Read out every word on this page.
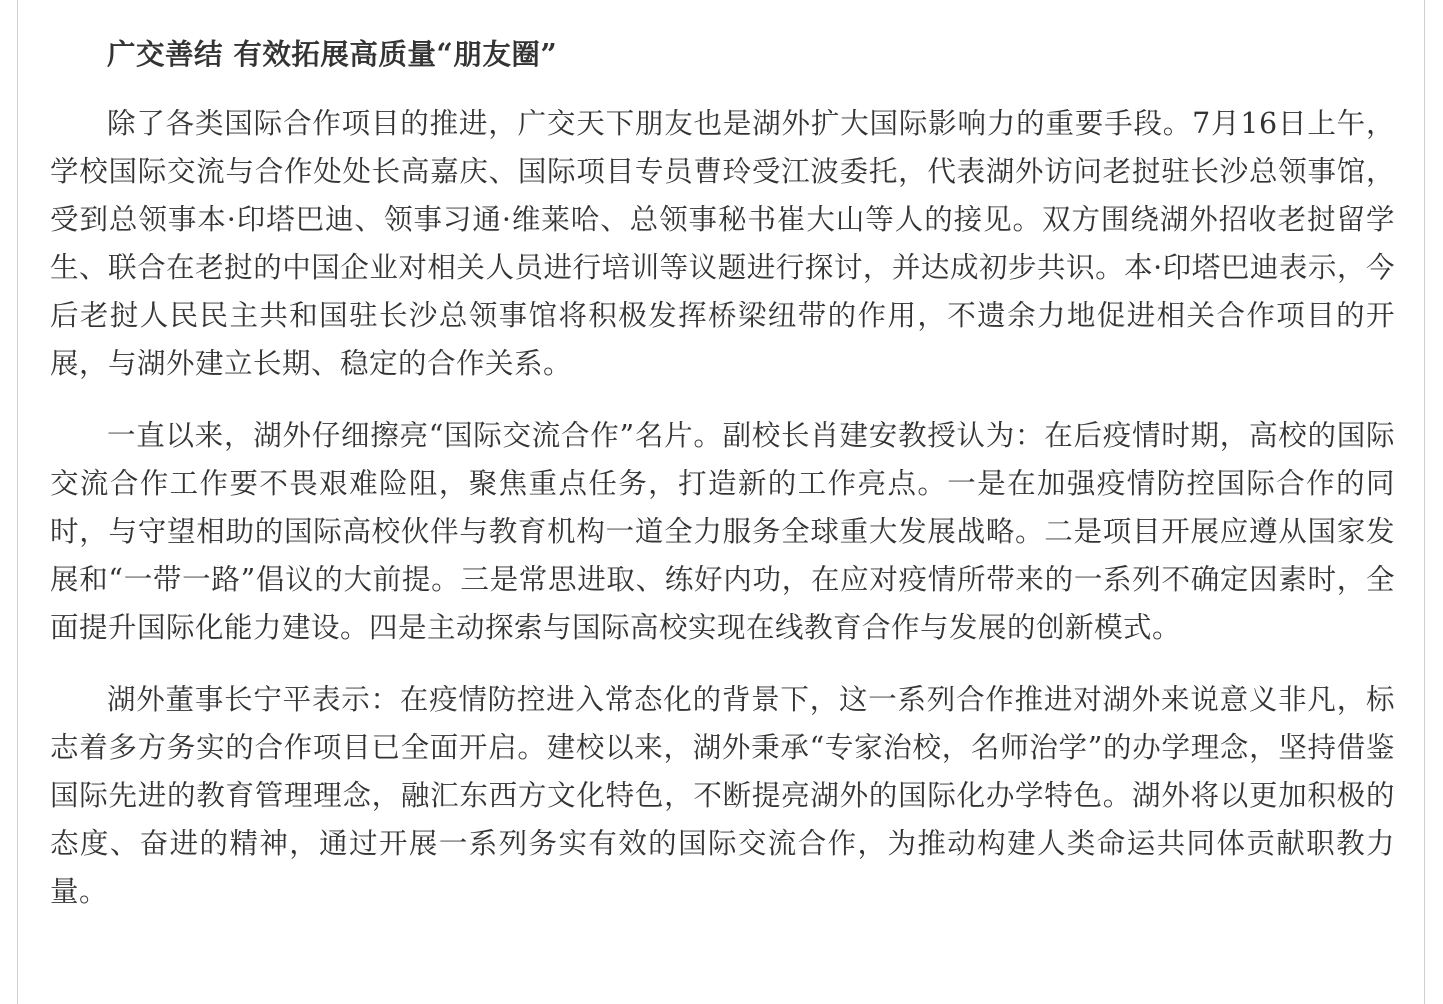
广交善结 有效拓展高质量“朋友圈”

除了各类国际合作项目的推进，广交天下朋友也是湖外扩大国际影响力的重要手段。7月16日上午，学校国际交流与合作处处长高嘉庆、国际项目专员曹玲受江波委托，代表湖外访问老挝驻长沙总领事馆，受到总领事本·印塔巴迪、领事习通·维莱哈、总领事秘书崔大山等人的接见。双方围绕湖外招收老挝留学生、联合在老挝的中国企业对相关人员进行培训等议题进行探讨，并达成初步共识。本·印塔巴迪表示，今后老挝人民民主共和国驻长沙总领事馆将积极发挥桥梁纽带的作用，不遗余力地促进相关合作项目的开展，与湖外建立长期、稳定的合作关系。

一直以来，湖外仔细擦亮“国际交流合作”名片。副校长肖建安教授认为：在后疫情时期，高校的国际交流合作工作要不畏艰难险阻，聚焦重点任务，打造新的工作亮点。一是在加强疫情防控国际合作的同时，与守望相助的国际高校伙伴与教育机构一道全力服务全球重大发展战略。二是项目开展应遵从国家发展和“一带一路”倡议的大前提。三是常思进取、练好内功，在应对疫情所带来的一系列不确定因素时，全面提升国际化能力建设。四是主动探索与国际高校实现在线教育合作与发展的创新模式。

湖外董事长宁平表示：在疫情防控进入常态化的背景下，这一系列合作推进对湖外来说意义非凡，标志着多方务实的合作项目已全面开启。建校以来，湖外秉承“专家治校，名师治学”的办学理念，坚持借鉴国际先进的教育管理理念，融汇东西方文化特色，不断提亮湖外的国际化办学特色。湖外将以更加积极的态度、奋进的精神，通过开展一系列务实有效的国际交流合作，为推动构建人类命运共同体贡献职教力量。
